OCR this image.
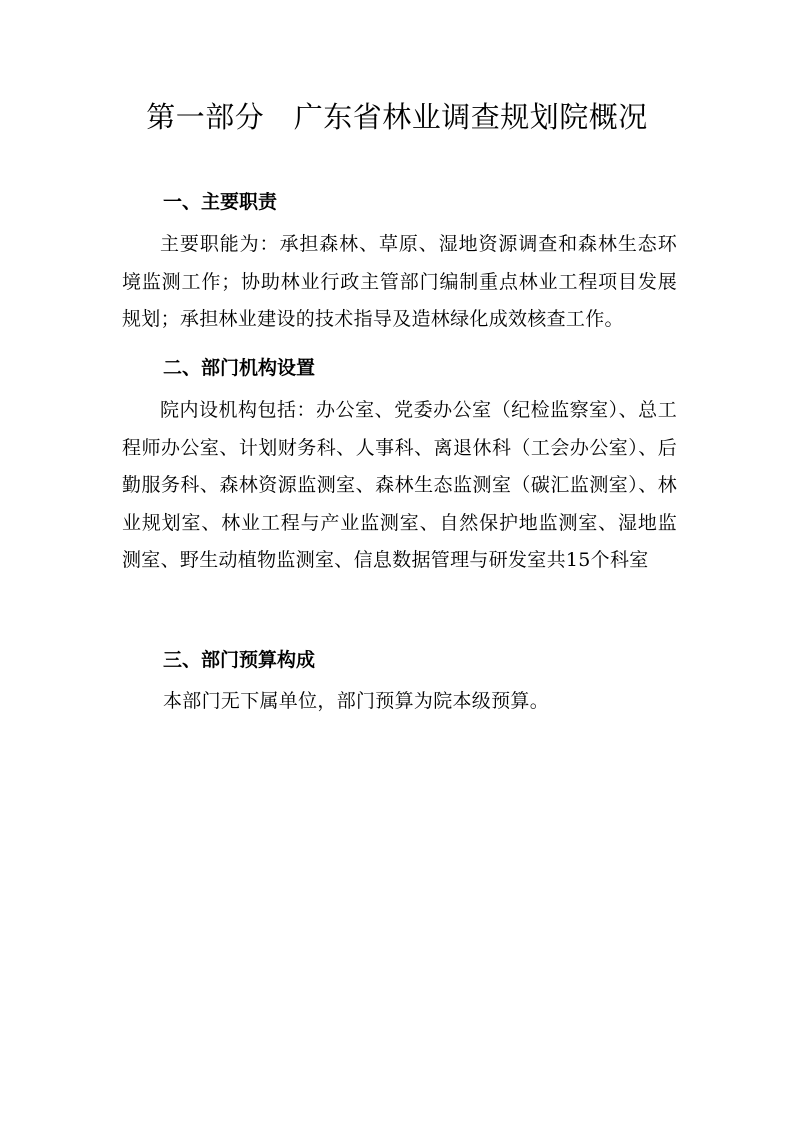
第一部分　广东省林业调查规划院概况
一、主要职责

主要职能为：承担森林、草原、湿地资源调查和森林生态环境监测工作；协助林业行政主管部门编制重点林业工程项目发展规划；承担林业建设的技术指导及造林绿化成效核查工作。

二、部门机构设置

院内设机构包括：办公室、党委办公室（纪检监察室）、总工程师办公室、计划财务科、人事科、离退休科（工会办公室）、后勤服务科、森林资源监测室、森林生态监测室（碳汇监测室）、林业规划室、林业工程与产业监测室、自然保护地监测室、湿地监测室、野生动植物监测室、信息数据管理与研发室共15个科室

三、部门预算构成

本部门无下属单位，部门预算为院本级预算。
